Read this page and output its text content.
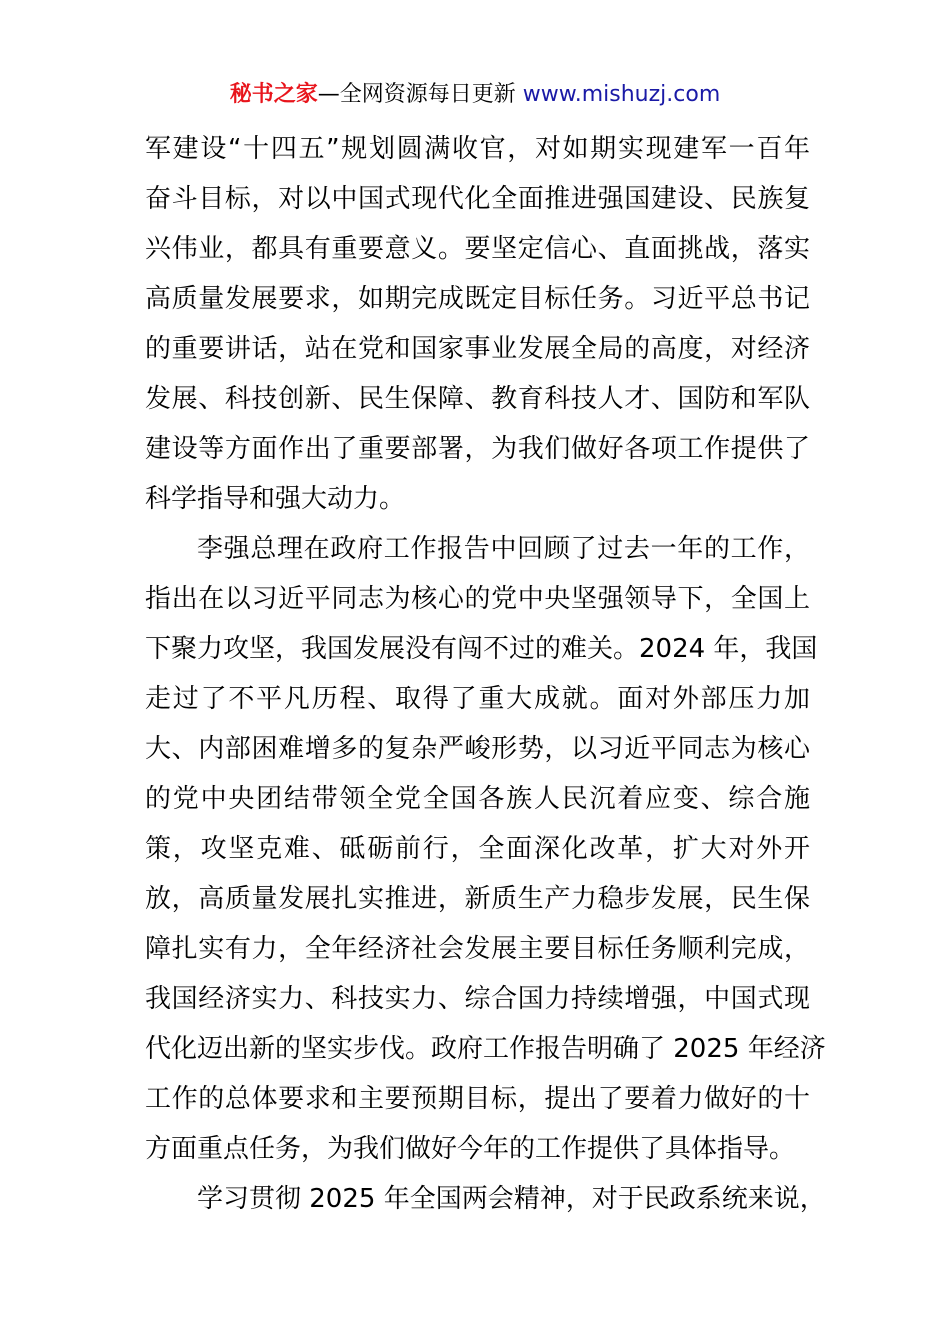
秘书之家—全网资源每日更新 www.mishuzj.com
军建设“十四五”规划圆满收官，对如期实现建军一百年
奋斗目标，对以中国式现代化全面推进强国建设、民族复
兴伟业，都具有重要意义。要坚定信心、直面挑战，落实
高质量发展要求，如期完成既定目标任务。习近平总书记
的重要讲话，站在党和国家事业发展全局的高度，对经济
发展、科技创新、民生保障、教育科技人才、国防和军队
建设等方面作出了重要部署，为我们做好各项工作提供了
科学指导和强大动力。
李强总理在政府工作报告中回顾了过去一年的工作，
指出在以习近平同志为核心的党中央坚强领导下，全国上
下聚力攻坚，我国发展没有闯不过的难关。2024 年，我国
走过了不平凡历程、取得了重大成就。面对外部压力加
大、内部困难增多的复杂严峻形势，以习近平同志为核心
的党中央团结带领全党全国各族人民沉着应变、综合施
策，攻坚克难、砥砺前行，全面深化改革，扩大对外开
放，高质量发展扎实推进，新质生产力稳步发展，民生保
障扎实有力，全年经济社会发展主要目标任务顺利完成，
我国经济实力、科技实力、综合国力持续增强，中国式现
代化迈出新的坚实步伐。政府工作报告明确了 2025 年经济
工作的总体要求和主要预期目标，提出了要着力做好的十
方面重点任务，为我们做好今年的工作提供了具体指导。
学习贯彻 2025 年全国两会精神，对于民政系统来说，
